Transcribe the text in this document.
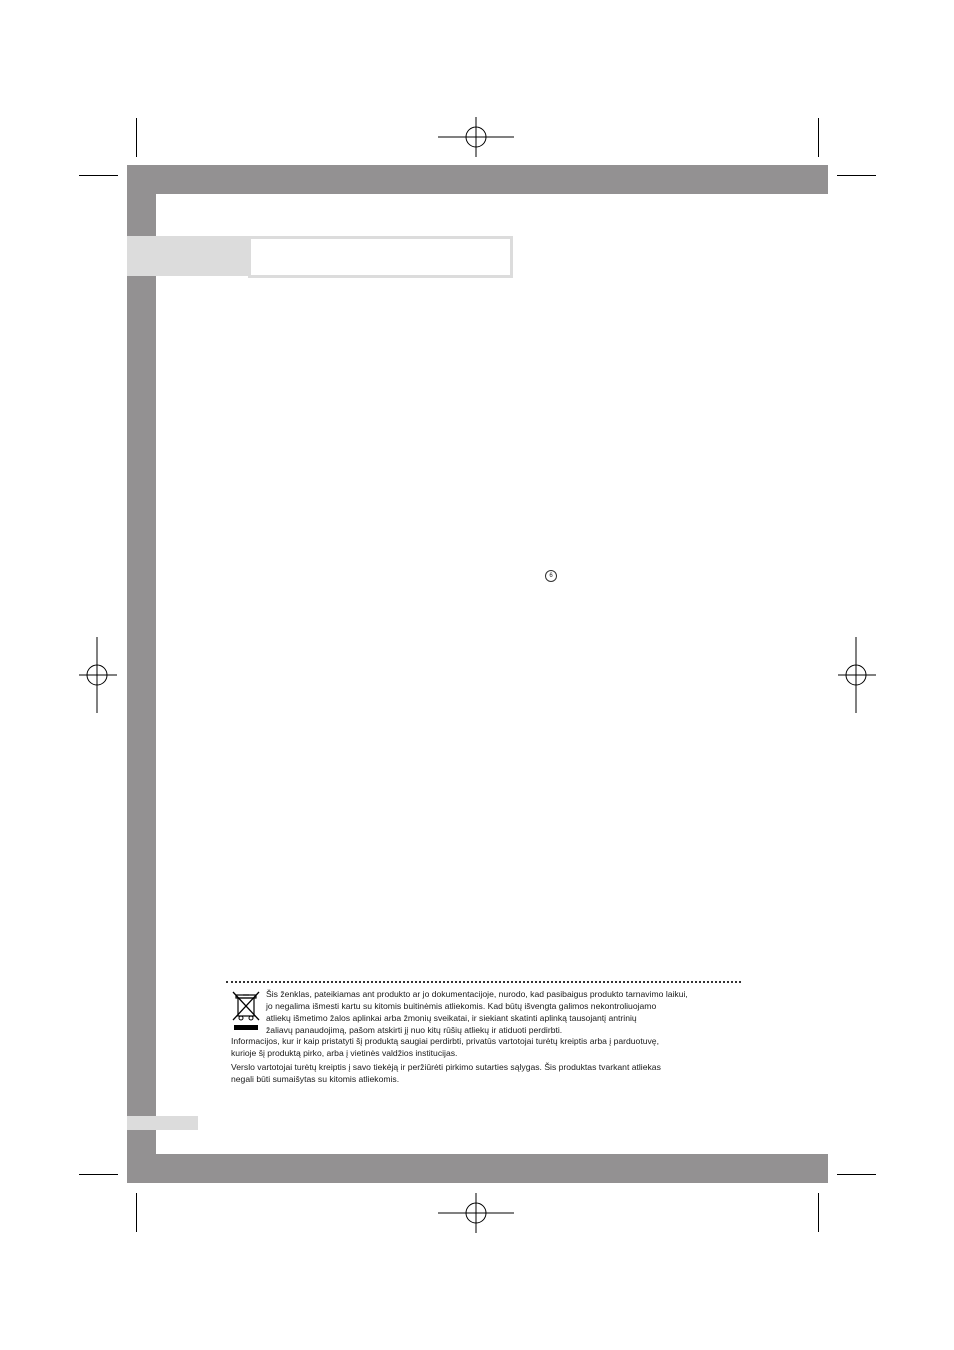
6
Šis ženklas, pateikiamas ant produkto ar jo dokumentacijoje, nurodo, kad pasibaigus produkto tarnavimo laikui,
jo negalima išmesti kartu su kitomis buitinėmis atliekomis. Kad būtų išvengta galimos nekontroliuojamo
atliekų išmetimo žalos aplinkai arba žmonių sveikatai, ir siekiant skatinti aplinką tausojantį antrinių
žaliavų panaudojimą, pašom atskirti jį nuo kitų rūšių atliekų ir atiduoti perdirbti.
Informacijos, kur ir kaip pristatyti šį produktą saugiai perdirbti, privatūs vartotojai turėtų kreiptis arba į parduotuvę,
kurioje šį produktą pirko, arba į vietinės valdžios institucijas.
Verslo vartotojai turėtų kreiptis į savo tiekėją ir peržiūrėti pirkimo sutarties sąlygas. Šis produktas tvarkant atliekas
negali būti sumaišytas su kitomis atliekomis.
